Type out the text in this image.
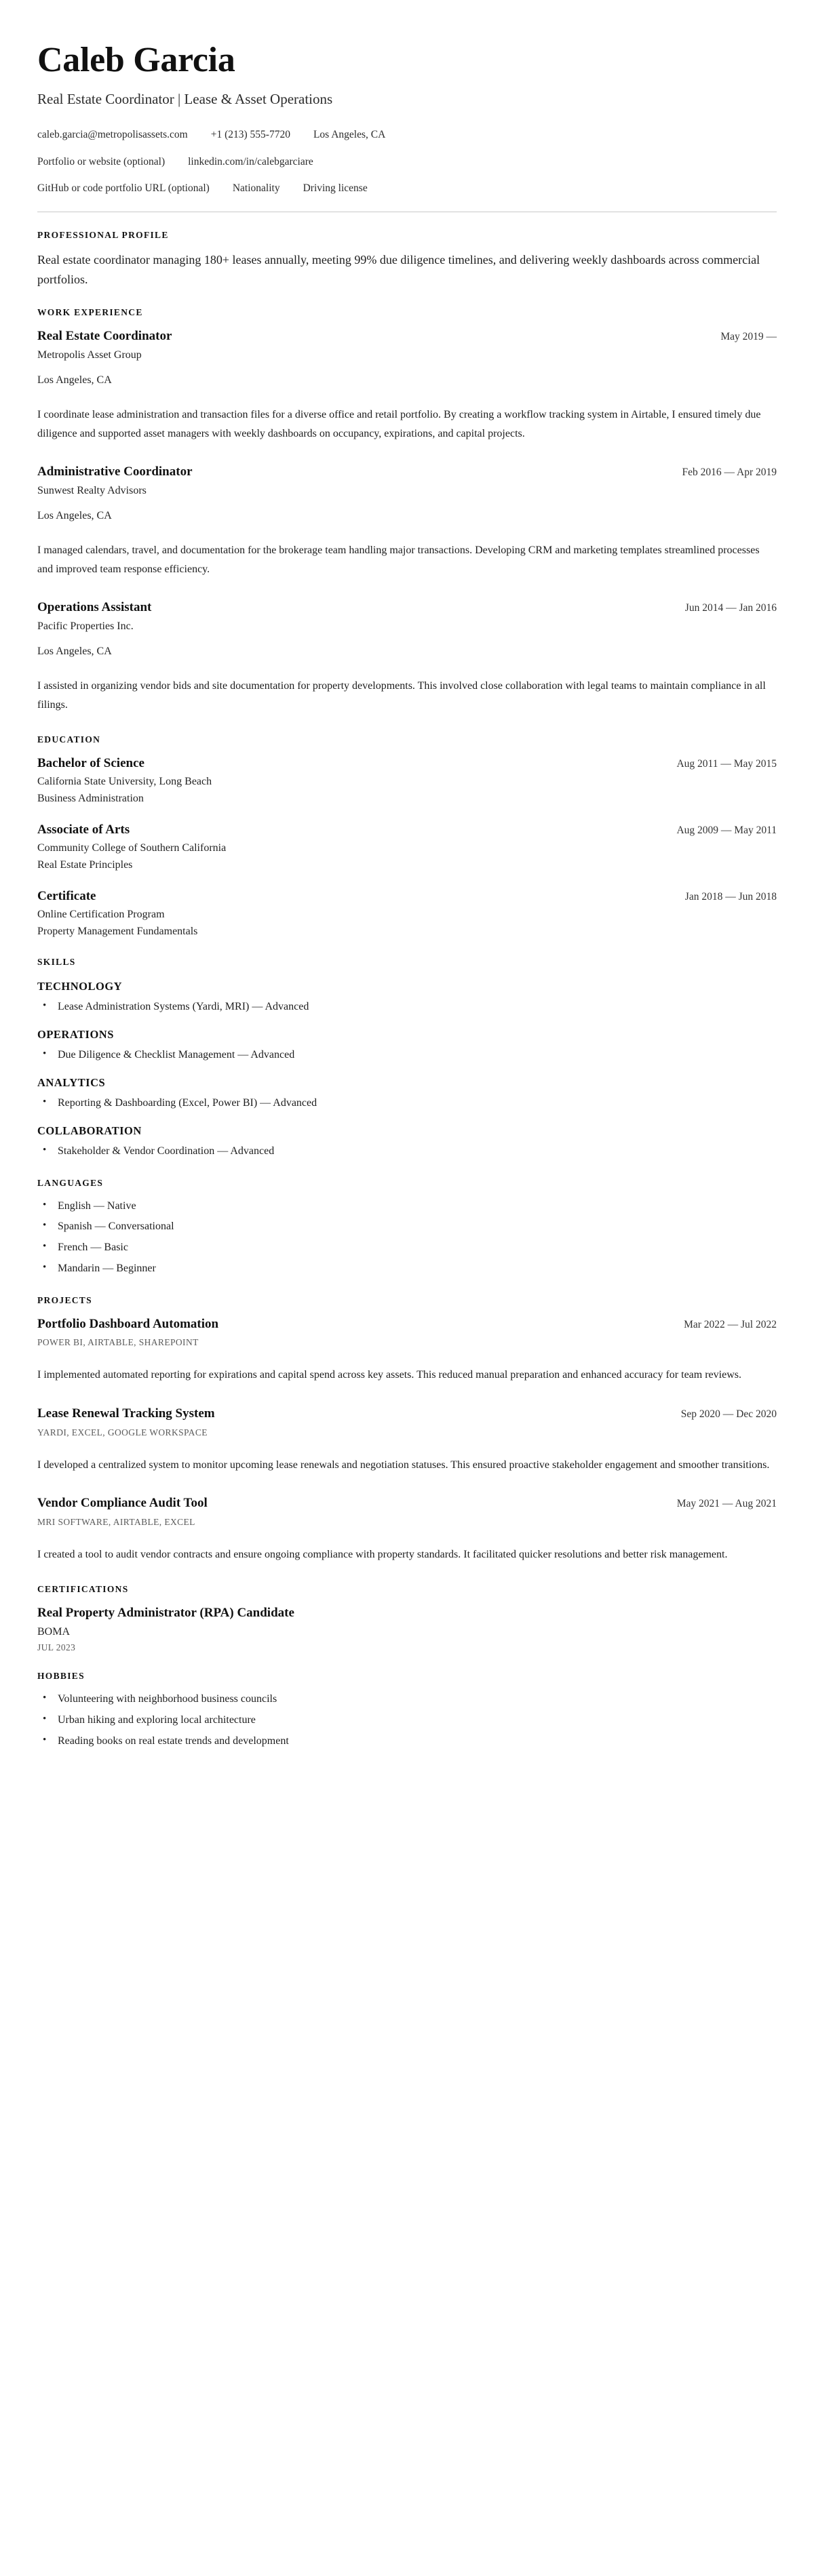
Caleb Garcia
Real Estate Coordinator | Lease & Asset Operations
caleb.garcia@metropolisassets.com +1 (213) 555-7720 Los Angeles, CA
Portfolio or website (optional) linkedin.com/in/calebgarciare
GitHub or code portfolio URL (optional) Nationality Driving license
PROFESSIONAL PROFILE

Real estate coordinator managing 180+ leases annually, meeting 99% due diligence timelines, and delivering weekly dashboards across commercial portfolios.

WORK EXPERIENCE
Real Estate Coordinator	May 2019 —
Metropolis Asset Group
Los Angeles, CA

I coordinate lease administration and transaction files for a diverse office and retail portfolio. By creating a workflow tracking system in Airtable, I ensured timely due diligence and supported asset managers with weekly dashboards on occupancy, expirations, and capital projects.

Administrative Coordinator	Feb 2016 — Apr 2019
Sunwest Realty Advisors
Los Angeles, CA

I managed calendars, travel, and documentation for the brokerage team handling major transactions. Developing CRM and marketing templates streamlined processes and improved team response efficiency.

Operations Assistant	Jun 2014 — Jan 2016
Pacific Properties Inc.
Los Angeles, CA

I assisted in organizing vendor bids and site documentation for property developments. This involved close collaboration with legal teams to maintain compliance in all filings.

EDUCATION
Bachelor of Science	Aug 2011 — May 2015
California State University, Long Beach
Business Administration
Associate of Arts	Aug 2009 — May 2011
Community College of Southern California
Real Estate Principles
Certificate	Jan 2018 — Jun 2018
Online Certification Program
Property Management Fundamentals
SKILLS
TECHNOLOGY
• Lease Administration Systems (Yardi, MRI) — Advanced
OPERATIONS
• Due Diligence & Checklist Management — Advanced
ANALYTICS
• Reporting & Dashboarding (Excel, Power BI) — Advanced
COLLABORATION
• Stakeholder & Vendor Coordination — Advanced
LANGUAGES
• English — Native
• Spanish — Conversational
• French — Basic
• Mandarin — Beginner
PROJECTS
Portfolio Dashboard Automation	Mar 2022 — Jul 2022
POWER BI, AIRTABLE, SHAREPOINT

I implemented automated reporting for expirations and capital spend across key assets. This reduced manual preparation and enhanced accuracy for team reviews.

Lease Renewal Tracking System	Sep 2020 — Dec 2020
YARDI, EXCEL, GOOGLE WORKSPACE

I developed a centralized system to monitor upcoming lease renewals and negotiation statuses. This ensured proactive stakeholder engagement and smoother transitions.

Vendor Compliance Audit Tool	May 2021 — Aug 2021
MRI SOFTWARE, AIRTABLE, EXCEL

I created a tool to audit vendor contracts and ensure ongoing compliance with property standards. It facilitated quicker resolutions and better risk management.

CERTIFICATIONS
Real Property Administrator (RPA) Candidate
BOMA
JUL 2023
HOBBIES
• Volunteering with neighborhood business councils
• Urban hiking and exploring local architecture
• Reading books on real estate trends and development
